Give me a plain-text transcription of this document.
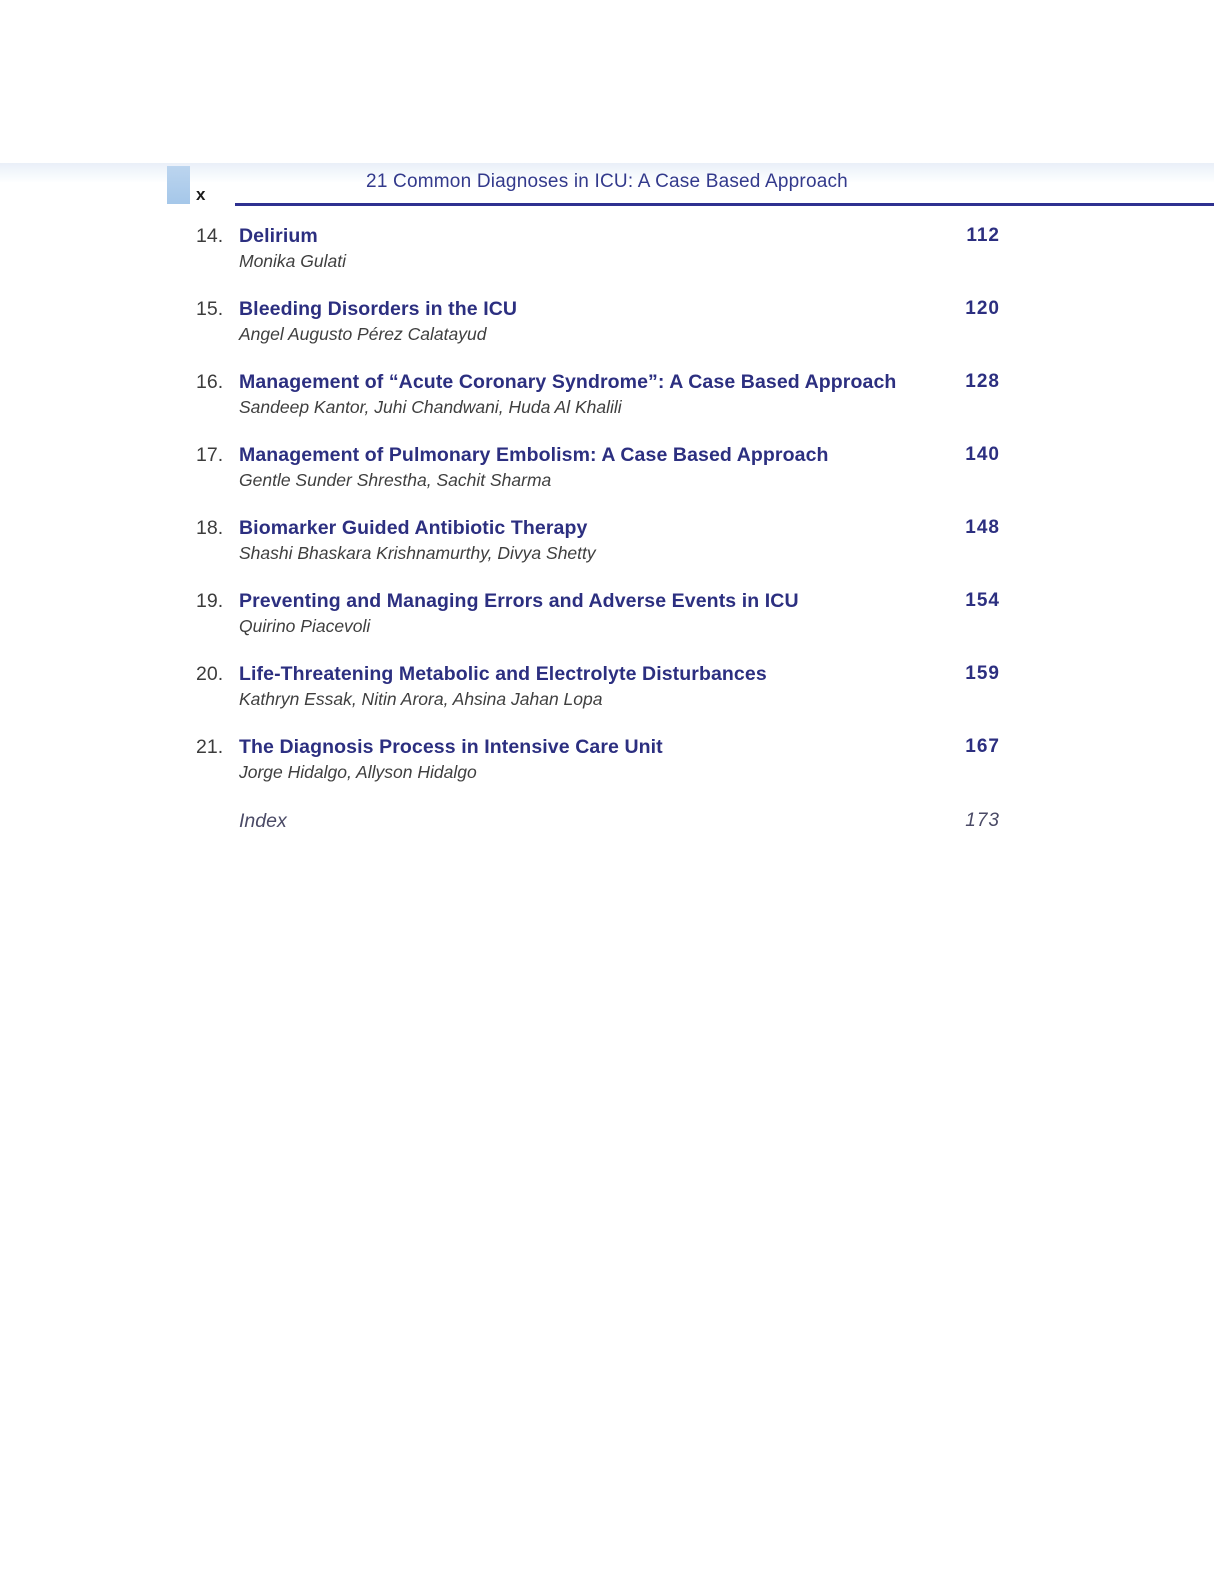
x
21 Common Diagnoses in ICU: A Case Based Approach
14. Delirium	112
Monika Gulati
15. Bleeding Disorders in the ICU	120
Angel Augusto Pérez Calatayud
16. Management of “Acute Coronary Syndrome”: A Case Based Approach	128
Sandeep Kantor, Juhi Chandwani, Huda Al Khalili
17. Management of Pulmonary Embolism: A Case Based Approach	140
Gentle Sunder Shrestha, Sachit Sharma
18. Biomarker Guided Antibiotic Therapy	148
Shashi Bhaskara Krishnamurthy, Divya Shetty
19. Preventing and Managing Errors and Adverse Events in ICU	154
Quirino Piacevoli
20. Life-Threatening Metabolic and Electrolyte Disturbances	159
Kathryn Essak, Nitin Arora, Ahsina Jahan Lopa
21. The Diagnosis Process in Intensive Care Unit	167
Jorge Hidalgo, Allyson Hidalgo
Index	173
